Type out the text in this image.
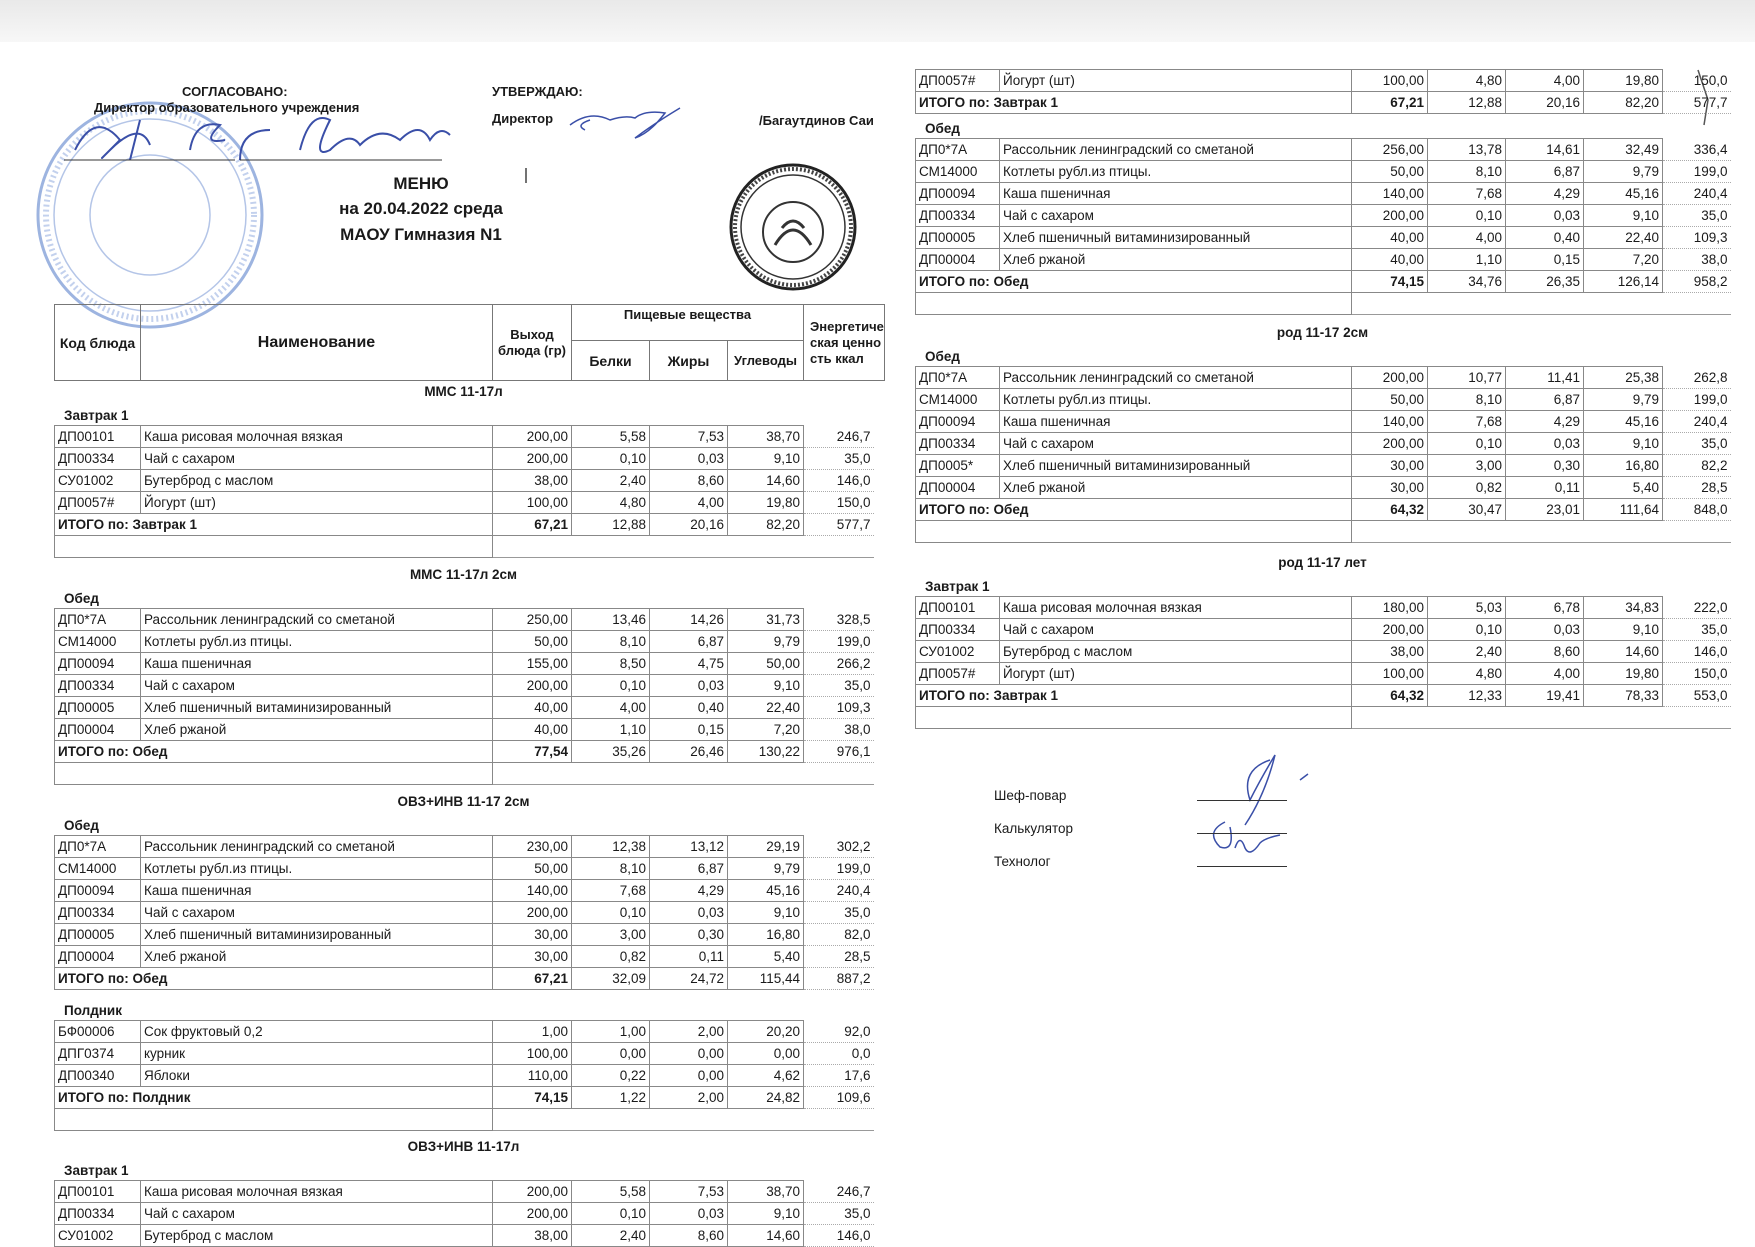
СОГЛАСОВАНО:
Директор образовательного учреждения
УТВЕРЖДАЮ:
Директор	/Багаутдинов Саи
МЕНЮ
на 20.04.2022 среда
МАОУ Гимназия N1
Код блюда	Наименование	Выход блюда (гр)	Пищевые вещества			Энергетическая ценность ккал
			Белки	Жиры	Углеводы	
ММС 11-17л
Завтрак 1
ДП00101	Каша рисовая молочная вязкая	200,00	5,58	7,53	38,70	246,7
ДП00334	Чай с сахаром	200,00	0,10	0,03	9,10	35,0
СУ01002	Бутерброд с маслом	38,00	2,40	8,60	14,60	146,0
ДП0057#	Йогурт (шт)	100,00	4,80	4,00	19,80	150,0
ИТОГО по: Завтрак 1		67,21	12,88	20,16	82,20	577,7

ММС 11-17л 2см
Обед
ДП0*7А	Рассольник ленинградский со сметаной	250,00	13,46	14,26	31,73	328,5
СМ14000	Котлеты рубл.из птицы.	50,00	8,10	6,87	9,79	199,0
ДП00094	Каша пшеничная	155,00	8,50	4,75	50,00	266,2
ДП00334	Чай с сахаром	200,00	0,10	0,03	9,10	35,0
ДП00005	Хлеб пшеничный витаминизированный	40,00	4,00	0,40	22,40	109,3
ДП00004	Хлеб ржаной	40,00	1,10	0,15	7,20	38,0
ИТОГО по: Обед		77,54	35,26	26,46	130,22	976,1

ОВЗ+ИНВ 11-17 2см
Обед
ДП0*7А	Рассольник ленинградский со сметаной	230,00	12,38	13,12	29,19	302,2
СМ14000	Котлеты рубл.из птицы.	50,00	8,10	6,87	9,79	199,0
ДП00094	Каша пшеничная	140,00	7,68	4,29	45,16	240,4
ДП00334	Чай с сахаром	200,00	0,10	0,03	9,10	35,0
ДП00005	Хлеб пшеничный витаминизированный	30,00	3,00	0,30	16,80	82,0
ДП00004	Хлеб ржаной	30,00	0,82	0,11	5,40	28,5
ИТОГО по: Обед		67,21	32,09	24,72	115,44	887,2
Полдник
БФ00006	Сок фруктовый 0,2	1,00	1,00	2,00	20,20	92,0
ДПГ0374	курник	100,00	0,00	0,00	0,00	0,0
ДП00340	Яблоки	110,00	0,22	0,00	4,62	17,6
ИТОГО по: Полдник		74,15	1,22	2,00	24,82	109,6

ОВЗ+ИНВ 11-17л
Завтрак 1
ДП00101	Каша рисовая молочная вязкая	200,00	5,58	7,53	38,70	246,7
ДП00334	Чай с сахаром	200,00	0,10	0,03	9,10	35,0
СУ01002	Бутерброд с маслом	38,00	2,40	8,60	14,60	146,0
ДП0057#	Йогурт (шт)	100,00	4,80	4,00	19,80	150,0
ИТОГО по: Завтрак 1		67,21	12,88	20,16	82,20	577,7
Обед
ДП0*7А	Рассольник ленинградский со сметаной	256,00	13,78	14,61	32,49	336,4
СМ14000	Котлеты рубл.из птицы.	50,00	8,10	6,87	9,79	199,0
ДП00094	Каша пшеничная	140,00	7,68	4,29	45,16	240,4
ДП00334	Чай с сахаром	200,00	0,10	0,03	9,10	35,0
ДП00005	Хлеб пшеничный витаминизированный	40,00	4,00	0,40	22,40	109,3
ДП00004	Хлеб ржаной	40,00	1,10	0,15	7,20	38,0
ИТОГО по: Обед		74,15	34,76	26,35	126,14	958,2

род 11-17 2см
Обед
ДП0*7А	Рассольник ленинградский со сметаной	200,00	10,77	11,41	25,38	262,8
СМ14000	Котлеты рубл.из птицы.	50,00	8,10	6,87	9,79	199,0
ДП00094	Каша пшеничная	140,00	7,68	4,29	45,16	240,4
ДП00334	Чай с сахаром	200,00	0,10	0,03	9,10	35,0
ДП0005*	Хлеб пшеничный витаминизированный	30,00	3,00	0,30	16,80	82,2
ДП00004	Хлеб ржаной	30,00	0,82	0,11	5,40	28,5
ИТОГО по: Обед		64,32	30,47	23,01	111,64	848,0

род 11-17 лет
Завтрак 1
ДП00101	Каша рисовая молочная вязкая	180,00	5,03	6,78	34,83	222,0
ДП00334	Чай с сахаром	200,00	0,10	0,03	9,10	35,0
СУ01002	Бутерброд с маслом	38,00	2,40	8,60	14,60	146,0
ДП0057#	Йогурт (шт)	100,00	4,80	4,00	19,80	150,0
ИТОГО по: Завтрак 1		64,32	12,33	19,41	78,33	553,0

Шеф-повар
Калькулятор
Технолог
